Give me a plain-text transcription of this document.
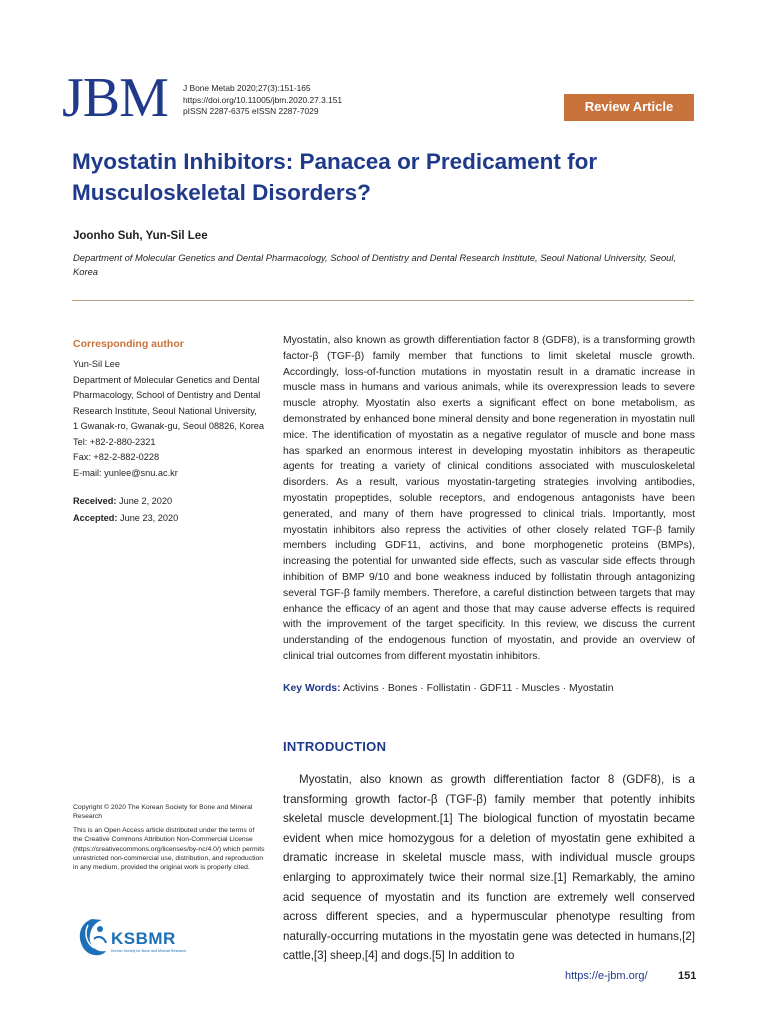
JBM J Bone Metab 2020;27(3):151-165
https://doi.org/10.11005/jbm.2020.27.3.151
pISSN 2287-6375 eISSN 2287-7029	Review Article
Myostatin Inhibitors: Panacea or Predicament for Musculoskeletal Disorders?
Joonho Suh, Yun-Sil Lee
Department of Molecular Genetics and Dental Pharmacology, School of Dentistry and Dental Research Institute, Seoul National University, Seoul, Korea
Corresponding author
Yun-Sil Lee
Department of Molecular Genetics and Dental
Pharmacology, School of Dentistry and Dental
Research Institute, Seoul National University,
1 Gwanak-ro, Gwanak-gu, Seoul 08826, Korea
Tel: +82-2-880-2321
Fax: +82-2-882-0228
E-mail: yunlee@snu.ac.kr
Received: June 2, 2020
Accepted: June 23, 2020
Copyright © 2020 The Korean Society for Bone and Mineral Research
This is an Open Access article distributed under the terms of the Creative Commons Attribution Non-Commercial License (https://creativecommons.org/licenses/by-nc/4.0/) which permits unrestricted non-commercial use, distribution, and reproduction in any medium, provided the original work is properly cited.
KSBMR
Korean Society for Bone and Mineral Research

Myostatin, also known as growth differentiation factor 8 (GDF8), is a transforming growth factor-β (TGF-β) family member that functions to limit skeletal muscle growth. Accordingly, loss-of-function mutations in myostatin result in a dramatic increase in muscle mass in humans and various animals, while its overexpression leads to severe muscle atrophy. Myostatin also exerts a significant effect on bone metabolism, as demonstrated by enhanced bone mineral density and bone regeneration in myostatin null mice. The identification of myostatin as a negative regulator of muscle and bone mass has sparked an enormous interest in developing myostatin inhibitors as therapeutic agents for treating a variety of clinical conditions associated with musculoskeletal disorders. As a result, various myostatin-targeting strategies involving antibodies, myostatin propeptides, soluble receptors, and endogenous antagonists have been generated, and many of them have progressed to clinical trials. Importantly, most myostatin inhibitors also repress the activities of other closely related TGF-β family members including GDF11, activins, and bone morphogenetic proteins (BMPs), increasing the potential for unwanted side effects, such as vascular side effects through inhibition of BMP 9/10 and bone weakness induced by follistatin through antagonizing several TGF-β family members. Therefore, a careful distinction between targets that may enhance the efficacy of an agent and those that may cause adverse effects is required with the improvement of the target specificity. In this review, we discuss the current understanding of the endogenous function of myostatin, and provide an overview of clinical trial outcomes from different myostatin inhibitors.

Key Words: Activins · Bones · Follistatin · GDF11 · Muscles · Myostatin
INTRODUCTION

Myostatin, also known as growth differentiation factor 8 (GDF8), is a transforming growth factor-β (TGF-β) family member that potently inhibits skeletal muscle development.[1] The biological function of myostatin became evident when mice homozygous for a deletion of myostatin gene exhibited a dramatic increase in skeletal muscle mass, with individual muscle groups enlarging to approximately twice their normal size.[1] Remarkably, the amino acid sequence of myostatin and its function are extremely well conserved across different species, and a hypermuscular phenotype resulting from naturally-occurring mutations in the myostatin gene was detected in humans,[2] cattle,[3] sheep,[4] and dogs.[5] In addition to

https://e-jbm.org/	151
